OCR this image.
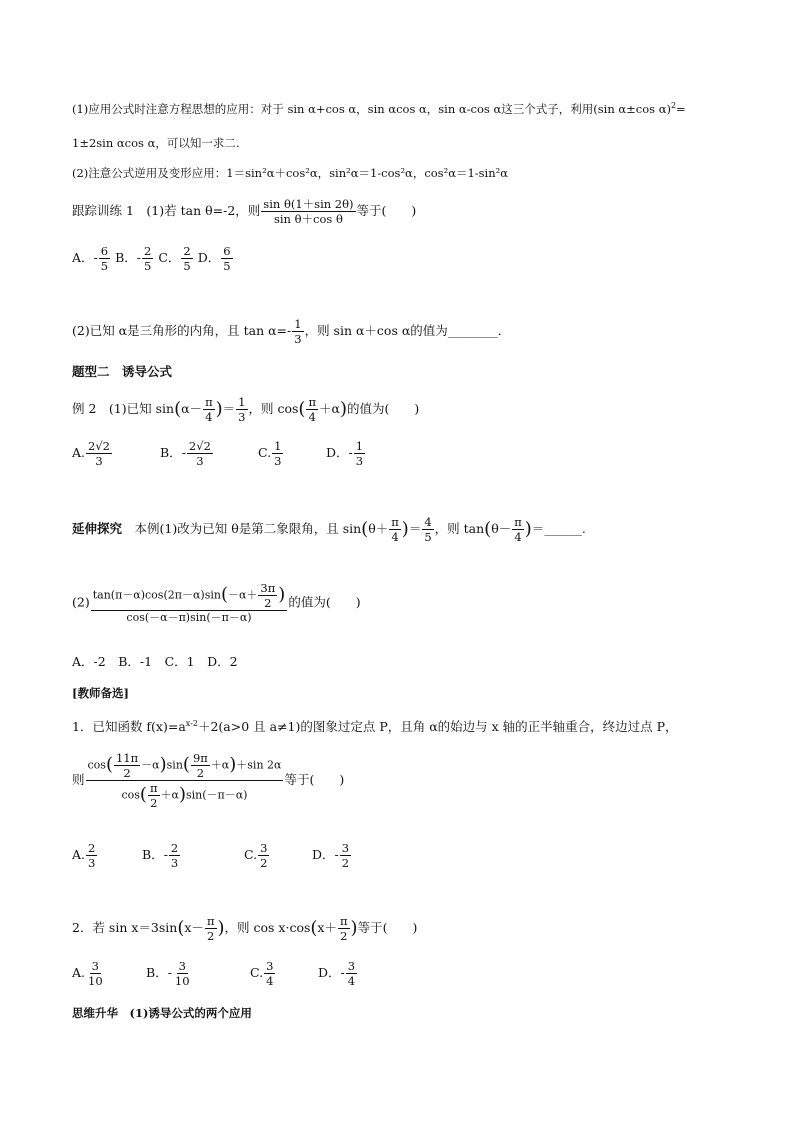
(1)应用公式时注意方程思想的应用：对于 sin α+cos α，sin αcos α，sin α-cos α这三个式子，利用(sin α±cos α)$^2$=
1±2sin αcos α，可以知一求二.
(2)注意公式逆用及变形应用：1＝sin²α＋cos²α，sin²α＝1-cos²α，cos²α＝1-sin²α
跟踪训练 1　(1)若 tan θ=-2，则 $\frac{\text{sin θ(1＋sin 2θ)}}{\text{sin θ＋cos θ}}$ 等于(　　)
A．- $\frac{6}{5}$ B．- $\frac{2}{5}$ C． $\frac{2}{5}$ D． $\frac{6}{5}$
(2)已知 α是三角形的内角，且 $\tan \alpha=- \frac{1}{3}$ ，则 sin α＋cos α的值为________．
题型二　诱导公式
例 2　(1)已知 $\sin(\alpha- \frac{\pi}{4}$ )＝ $\frac{1}{3}$ ，则 $\cos( \frac{\pi}{4} +\alpha)$的值为(　　)
A. $\frac{2√2}{3}$	B．- $\frac{2√2}{3}$	C. $\frac{1}{3}$	D．- $\frac{1}{3}$
延伸探究　本例(1)改为已知 θ是第二象限角，且 $\sin(\theta+ \frac{\pi}{4}$ )＝ $\frac{4}{5}$ ，则 $\tan(\theta- \frac{\pi}{4}$ )＝______.
$(2) \frac{\tan(\pi-\alpha)\cos(2\pi-\alpha)\sin(-\alpha+ \frac{3\pi}{2} )}{\cos(-\alpha-\pi)\sin(-\pi-\alpha)}$ 的值为(　　)
A．-2　B．-1　C．1　D．2
[教师备选]
1．已知函数 $f(x)=a^{x-2}+2(a>0$ 且 a≠1)的图象过定点 P，且角 α的始边与 x 轴的正半轴重合，终边过点 P，
则 $\frac{\cos( \frac{11\pi}{2} -\alpha)\sin( \frac{9\pi}{2} +\alpha)+\sin 2\alpha}{\cos( \frac{\pi}{2} +\alpha)\sin(-\pi-\alpha)}$ 等于(　　)
A. $\frac{2}{3}$	B．- $\frac{2}{3}$	C. $\frac{3}{2}$	D．- $\frac{3}{2}$
2．若 $\sin x=3\sin(x- \frac{\pi}{2}$ )，则 $\cos x\cdot\cos(x+ \frac{\pi}{2}$ )等于(　　)
A. $\frac{3}{10}$	B．- $\frac{3}{10}$	C. $\frac{3}{4}$	D．- $\frac{3}{4}$
思维升华　(1)诱导公式的两个应用
